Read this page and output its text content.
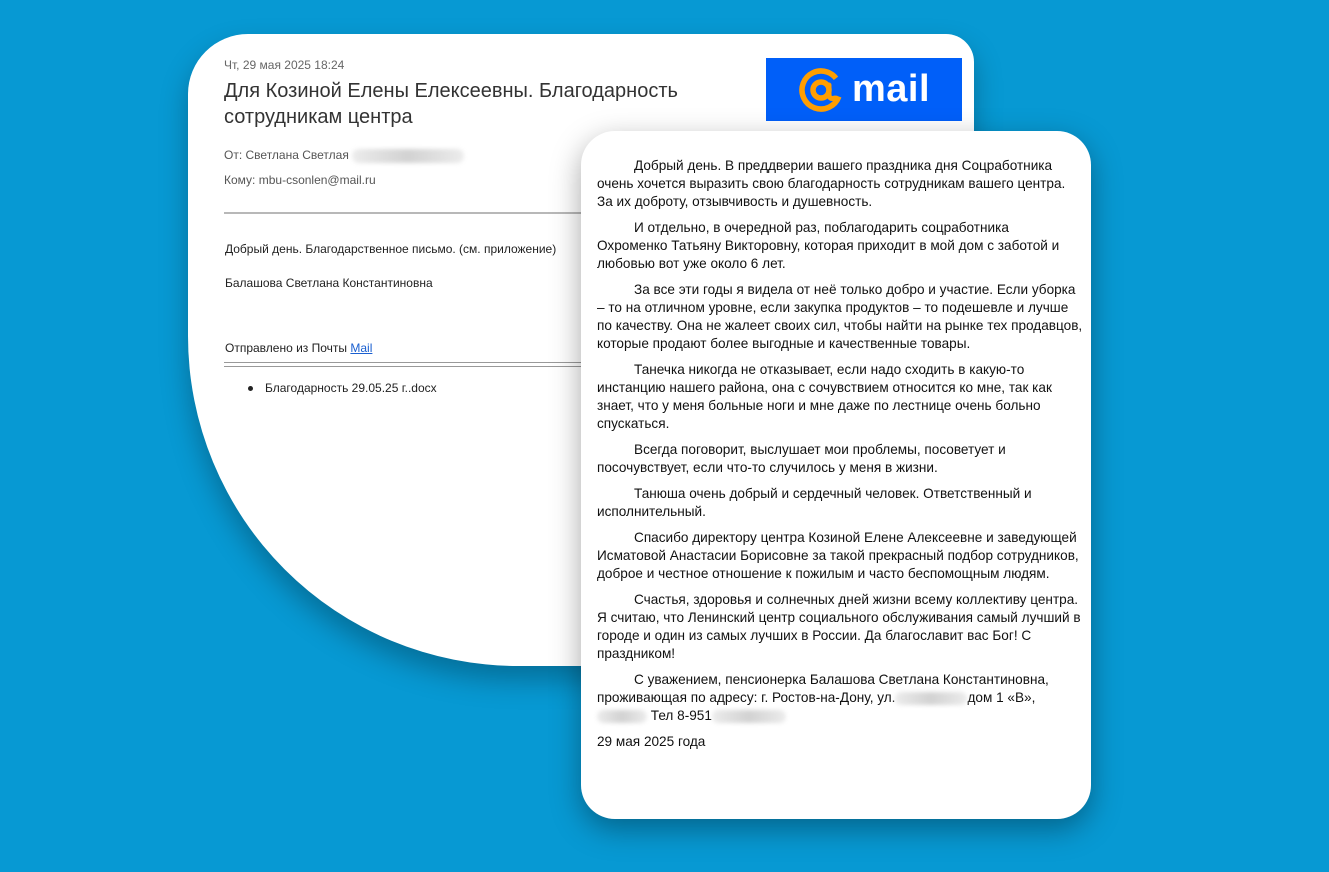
Чт, 29 мая 2025 18:24
Для Козиной Елены Елексеевны. Благодарность сотрудникам центра
От: Светлана Светлая
Кому: mbu-csonlen@mail.ru
Добрый день. Благодарственное письмо. (см. приложение)
Балашова Светлана Константиновна
Отправлено из Почты Mail
Благодарность 29.05.25 г..docx
mail

Добрый день. В преддверии вашего праздника дня Соцработника очень хочется выразить свою благодарность сотрудникам вашего центра. За их доброту, отзывчивость и душевность.

И отдельно, в очередной раз, поблагодарить соцработника Охроменко Татьяну Викторовну, которая приходит в мой дом с заботой и любовью вот уже около 6 лет.

За все эти годы я видела от неё только добро и участие. Если уборка – то на отличном уровне, если закупка продуктов – то подешевле и лучше по качеству. Она не жалеет своих сил, чтобы найти на рынке тех продавцов, которые продают более выгодные и качественные товары.

Танечка никогда не отказывает, если надо сходить в какую-то инстанцию нашего района, она с сочувствием относится ко мне, так как знает, что у меня больные ноги и мне даже по лестнице очень больно спускаться.

Всегда поговорит, выслушает мои проблемы, посоветует и посочувствует, если что-то случилось у меня в жизни.

Танюша очень добрый и сердечный человек. Ответственный и исполнительный.

Спасибо директору центра Козиной Елене Алексеевне и заведующей Исматовой Анастасии Борисовне за такой прекрасный подбор сотрудников, доброе и честное отношение к пожилым и часто беспомощным людям.

Счастья, здоровья и солнечных дней жизни всему коллективу центра. Я считаю, что Ленинский центр социального обслуживания самый лучший в городе и один из самых лучших в России. Да благославит вас Бог! С праздником!

С уважением, пенсионерка Балашова Светлана Константиновна, проживающая по адресу: г. Ростов-на-Дону, ул.	дом 1 «В»,  Тел 8-951

29 мая 2025 года
